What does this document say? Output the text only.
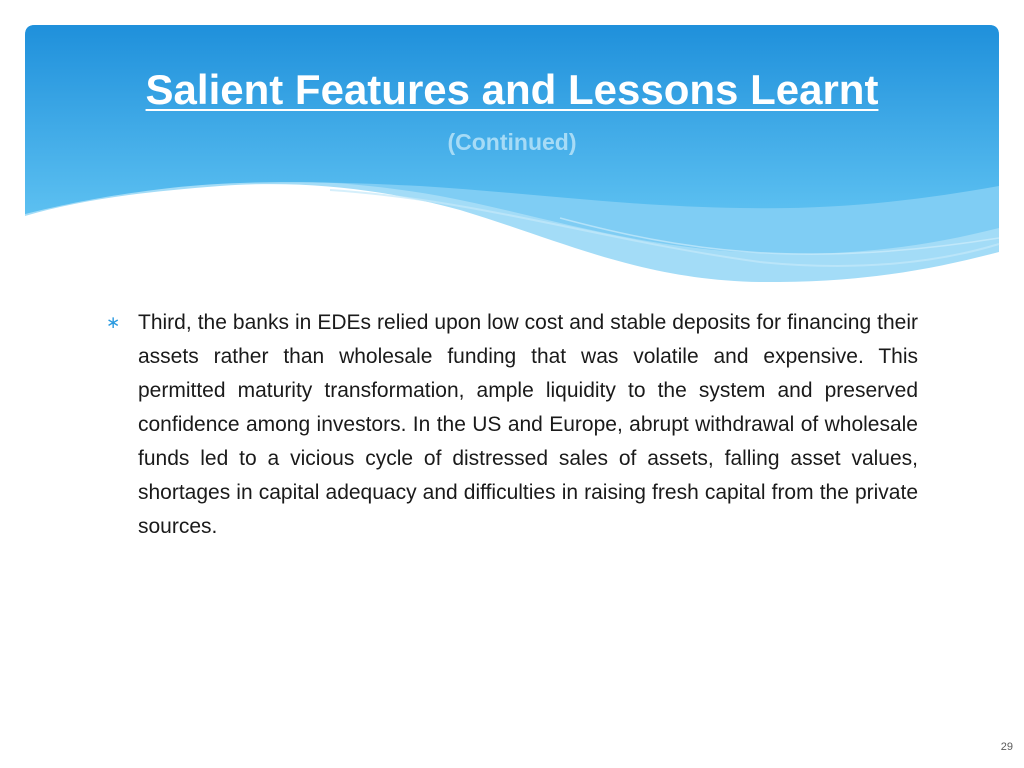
Salient Features and Lessons Learnt
(Continued)
∗ Third, the banks in EDEs relied upon low cost and stable deposits for financing their assets rather than wholesale funding that was volatile and expensive. This permitted maturity transformation, ample liquidity to the system and preserved confidence among investors. In the US and Europe, abrupt withdrawal of wholesale funds led to a vicious cycle of distressed sales of assets, falling asset values, shortages in capital adequacy and difficulties in raising fresh capital from the private sources.
29
